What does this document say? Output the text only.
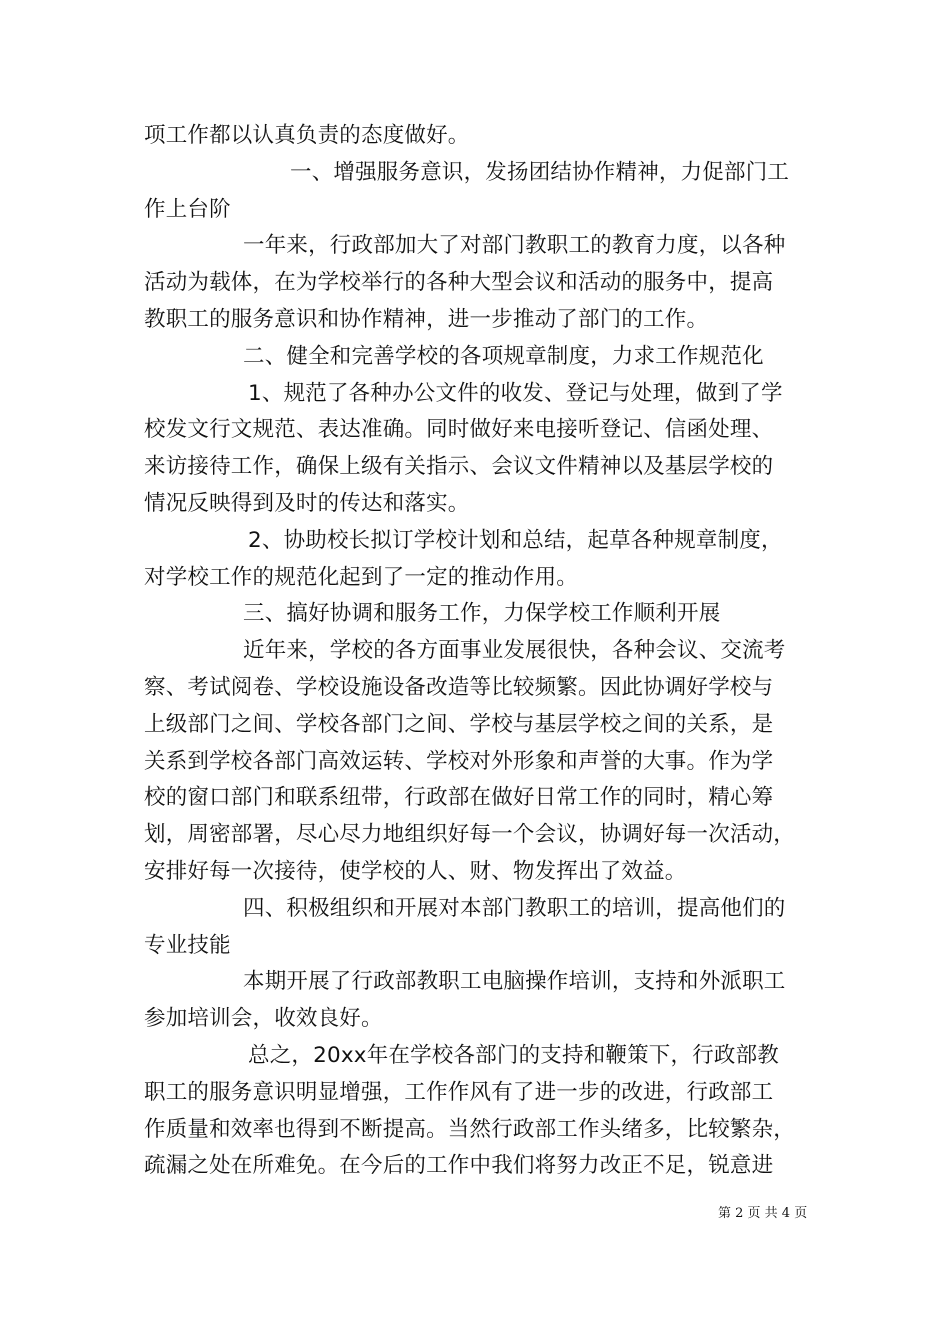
项工作都以认真负责的态度做好。
一、增强服务意识，发扬团结协作精神，力促部门工
作上台阶
一年来，行政部加大了对部门教职工的教育力度，以各种
活动为载体，在为学校举行的各种大型会议和活动的服务中，提高
教职工的服务意识和协作精神，进一步推动了部门的工作。
二、健全和完善学校的各项规章制度，力求工作规范化
1、规范了各种办公文件的收发、登记与处理，做到了学
校发文行文规范、表达准确。同时做好来电接听登记、信函处理、
来访接待工作，确保上级有关指示、会议文件精神以及基层学校的
情况反映得到及时的传达和落实。
2、协助校长拟订学校计划和总结，起草各种规章制度，
对学校工作的规范化起到了一定的推动作用。
三、搞好协调和服务工作，力保学校工作顺利开展
近年来，学校的各方面事业发展很快，各种会议、交流考
察、考试阅卷、学校设施设备改造等比较频繁。因此协调好学校与
上级部门之间、学校各部门之间、学校与基层学校之间的关系，是
关系到学校各部门高效运转、学校对外形象和声誉的大事。作为学
校的窗口部门和联系纽带，行政部在做好日常工作的同时，精心筹
划，周密部署，尽心尽力地组织好每一个会议，协调好每一次活动，
安排好每一次接待，使学校的人、财、物发挥出了效益。
四、积极组织和开展对本部门教职工的培训，提高他们的
专业技能
本期开展了行政部教职工电脑操作培训，支持和外派职工
参加培训会，收效良好。
总之，20xx年在学校各部门的支持和鞭策下，行政部教
职工的服务意识明显增强，工作作风有了进一步的改进，行政部工
作质量和效率也得到不断提高。当然行政部工作头绪多，比较繁杂，
疏漏之处在所难免。在今后的工作中我们将努力改正不足，锐意进
第 2 页 共 4 页
